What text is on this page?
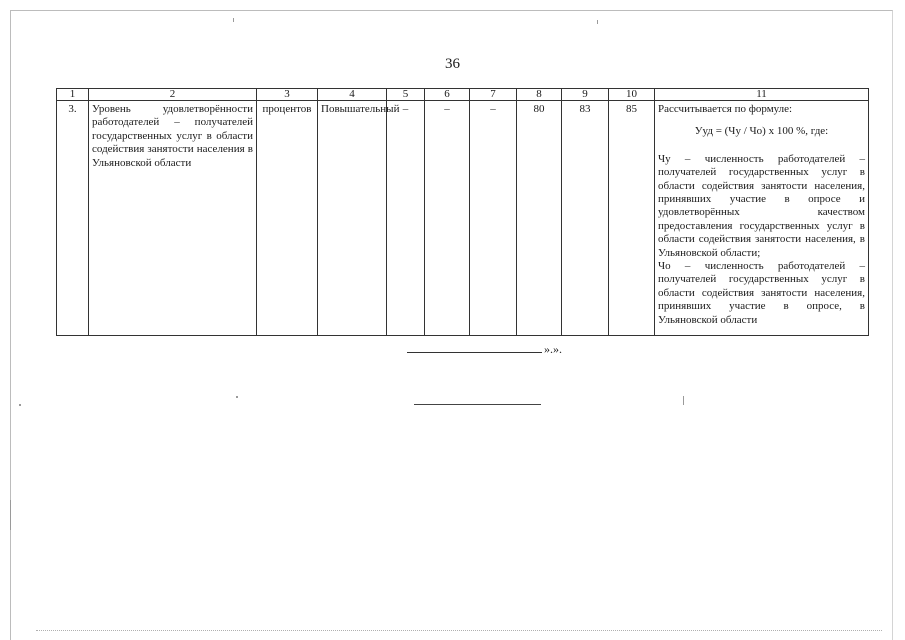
36
1	2	3	4	5	6	7	8	9	10	11
3.	Уровень удовлетворённости работодателей – получателей государственных услуг в области содействия занятости населения в Ульяновской области	процентов	Повышательный	–	–	–	80	83	85	Рассчитывается по формуле:
Ууд = (Чу / Чо) х 100 %, где:
Чу – численность работодателей – получателей государственных услуг в области содействия занятости населения, принявших участие в опросе и удовлетворённых качеством предоставления государственных услуг в области содействия занятости населения, в Ульяновской области;
Чо – численность работодателей – получателей государственных услуг в области содействия занятости населения, принявших участие в опросе, в Ульяновской области
».».
